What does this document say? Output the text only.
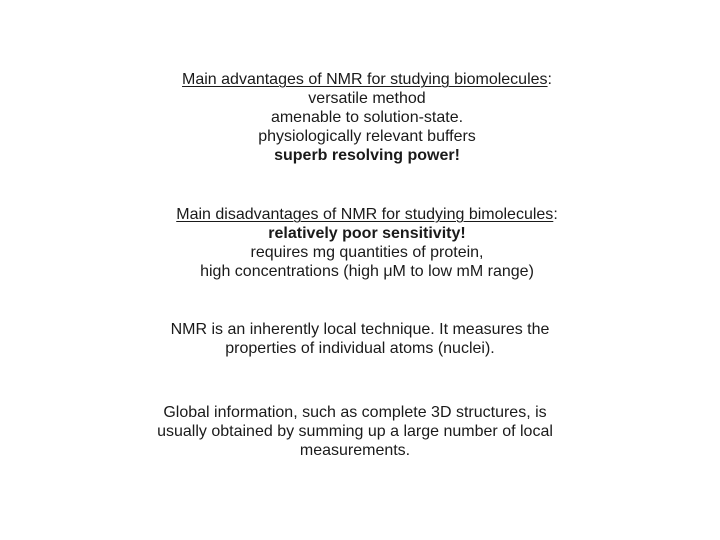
Main advantages of NMR for studying biomolecules:
versatile method
amenable to solution-state.
physiologically relevant buffers
superb resolving power!
Main disadvantages of NMR for studying bimolecules:
relatively poor sensitivity!
requires mg quantities of protein,
high concentrations (high μM to low mM range)
NMR is an inherently local technique. It measures the
properties of individual atoms (nuclei).
Global information, such as complete 3D structures, is
usually obtained by summing up a large number of local
measurements.
